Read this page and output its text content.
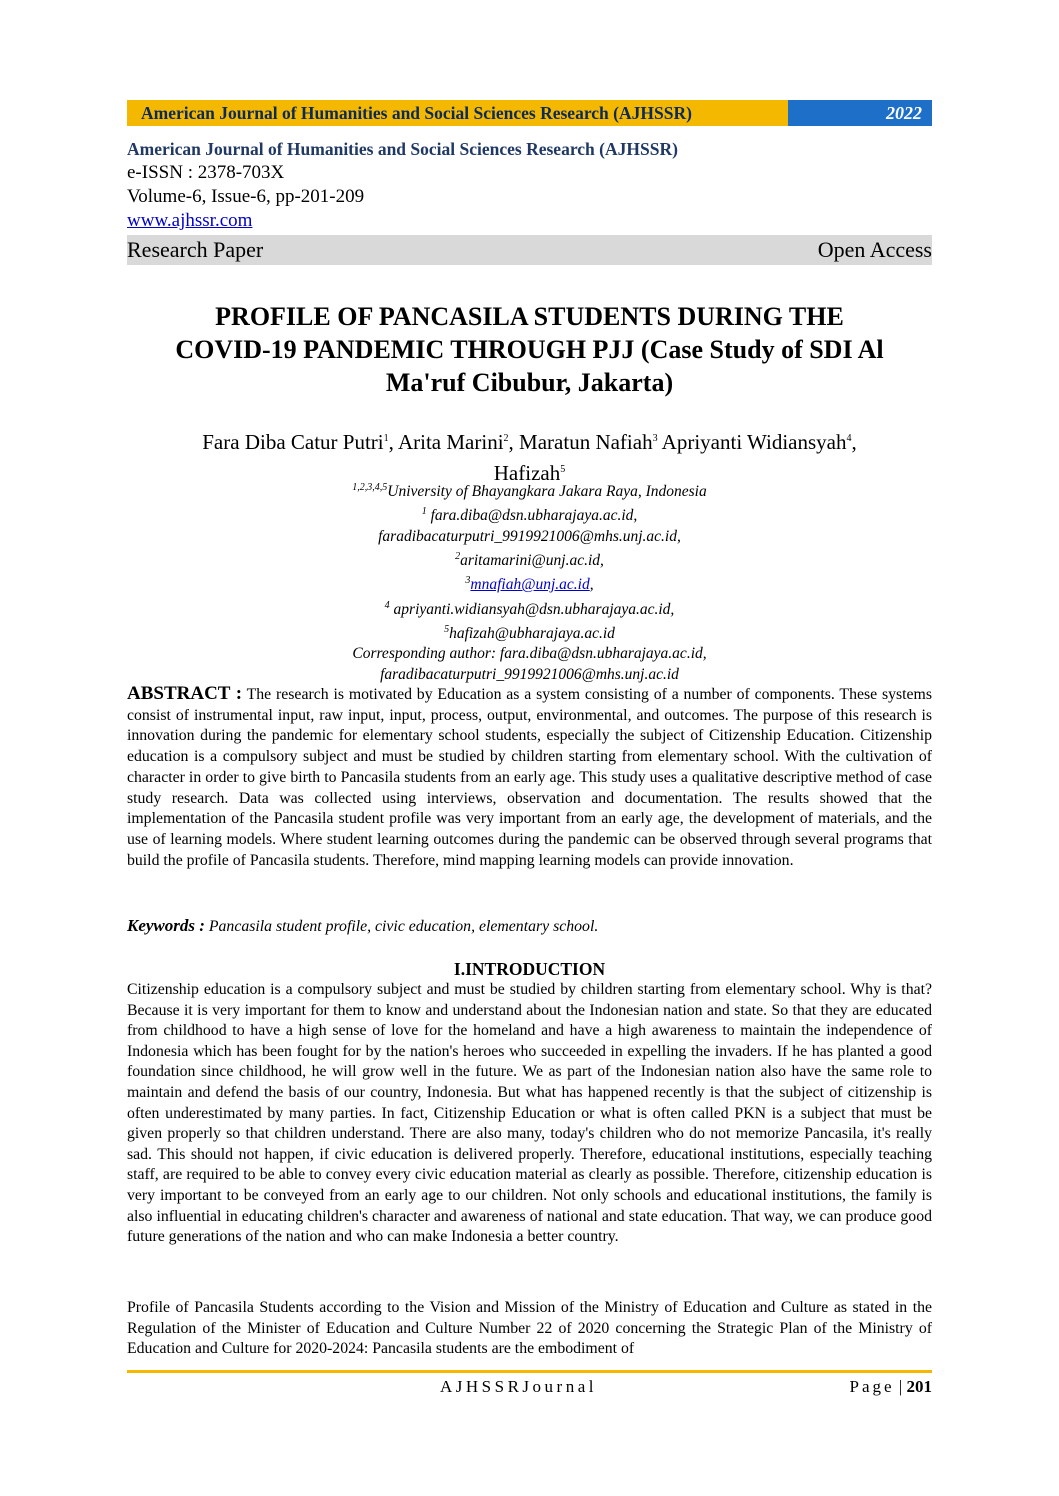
American Journal of Humanities and Social Sciences Research (AJHSSR)	2022
American Journal of Humanities and Social Sciences Research (AJHSSR)
e-ISSN : 2378-703X
Volume-6, Issue-6, pp-201-209
www.ajhssr.com
Research Paper	Open Access
PROFILE OF PANCASILA STUDENTS DURING THE
COVID-19 PANDEMIC THROUGH PJJ (Case Study of SDI Al
Ma'ruf Cibubur, Jakarta)
Fara Diba Catur Putri$^1$, Arita Marini$^2$, Maratun Nafiah$^3$ Apriyanti Widiansyah$^4$,
Hafizah$^5$
$^{1,2,3,4,5}$University of Bhayangkara Jakara Raya, Indonesia
$^1$ fara.diba@dsn.ubharajaya.ac.id,
faradibacaturputri_9919921006@mhs.unj.ac.id,
$^2$aritamarini@unj.ac.id,
$^3$mnafiah@unj.ac.id,
$^4$ apriyanti.widiansyah@dsn.ubharajaya.ac.id,
$^5$hafizah@ubharajaya.ac.id
Corresponding author: fara.diba@dsn.ubharajaya.ac.id,
faradibacaturputri_9919921006@mhs.unj.ac.id
ABSTRACT : The research is motivated by Education as a system consisting of a number of components. These systems consist of instrumental input, raw input, input, process, output, environmental, and outcomes. The purpose of this research is innovation during the pandemic for elementary school students, especially the subject of Citizenship Education. Citizenship education is a compulsory subject and must be studied by children starting from elementary school. With the cultivation of character in order to give birth to Pancasila students from an early age. This study uses a qualitative descriptive method of case study research. Data was collected using interviews, observation and documentation. The results showed that the implementation of the Pancasila student profile was very important from an early age, the development of materials, and the use of learning models. Where student learning outcomes during the pandemic can be observed through several programs that build the profile of Pancasila students. Therefore, mind mapping learning models can provide innovation.
Keywords : Pancasila student profile, civic education, elementary school.
I.INTRODUCTION
Citizenship education is a compulsory subject and must be studied by children starting from elementary school. Why is that? Because it is very important for them to know and understand about the Indonesian nation and state. So that they are educated from childhood to have a high sense of love for the homeland and have a high awareness to maintain the independence of Indonesia which has been fought for by the nation's heroes who succeeded in expelling the invaders. If he has planted a good foundation since childhood, he will grow well in the future. We as part of the Indonesian nation also have the same role to maintain and defend the basis of our country, Indonesia. But what has happened recently is that the subject of citizenship is often underestimated by many parties. In fact, Citizenship Education or what is often called PKN is a subject that must be given properly so that children understand. There are also many, today's children who do not memorize Pancasila, it's really sad. This should not happen, if civic education is delivered properly. Therefore, educational institutions, especially teaching staff, are required to be able to convey every civic education material as clearly as possible. Therefore, citizenship education is very important to be conveyed from an early age to our children. Not only schools and educational institutions, the family is also influential in educating children's character and awareness of national and state education. That way, we can produce good future generations of the nation and who can make Indonesia a better country.
Profile of Pancasila Students according to the Vision and Mission of the Ministry of Education and Culture as stated in the Regulation of the Minister of Education and Culture Number 22 of 2020 concerning the Strategic Plan of the Ministry of Education and Culture for 2020-2024: Pancasila students are the embodiment of
AJHSSRJournal	Page | 201
